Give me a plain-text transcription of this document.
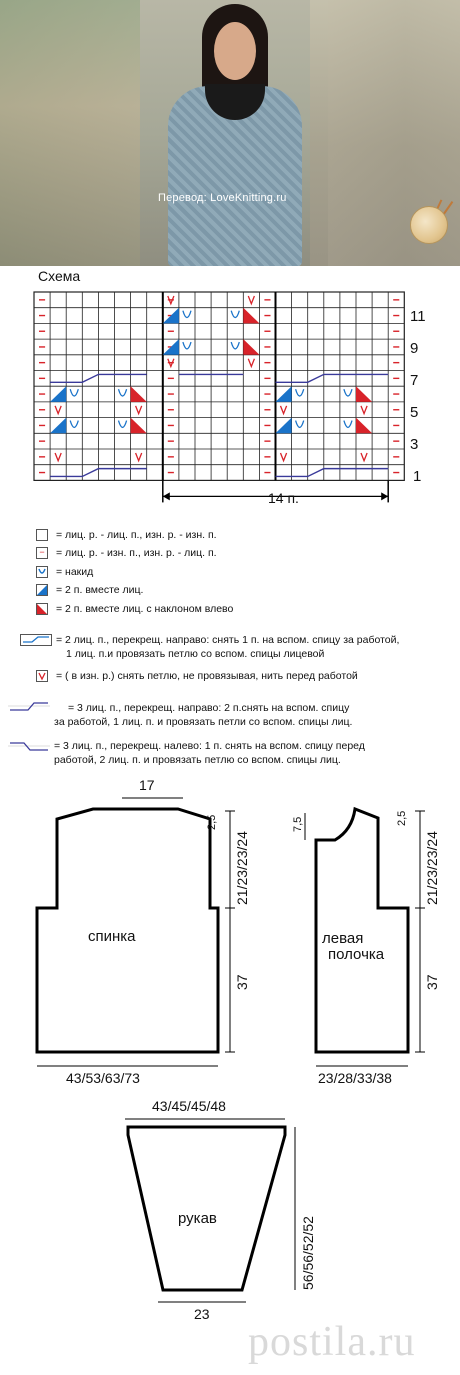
Перевод: LoveKnitting.ru
Схема
11
9
7
5
3
1
14 п.
= лиц. р. - лиц. п., изн. р. - изн. п.
−	= лиц. р. - изн. п., изн. р. - лиц. п.
= накид
= 2 п. вместе лиц.
= 2 п. вместе лиц. с наклоном влево
= 2 лиц. п., перекрещ. направо: снять 1 п. на вспом. спицу за работой,
1 лиц. п.и провязать петлю со вспом. спицы лицевой
= ( в изн. р.) снять петлю, не провязывая, нить перед работой
= 3 лиц. п., перекрещ. направо: 2 п.снять на вспом. спицу
за работой, 1 лиц. п. и провязать петли со вспом. спицы лиц.
= 3 лиц. п., перекрещ. налево: 1 п. снять на вспом. спицу перед
работой, 2 лиц. п. и провязать петлю со вспом. спицы лиц.
спинка
17
43/53/63/73
2,5
21/23/23/24
37
левая
полочка
7,5	2,5
21/23/23/24
37
23/28/33/38
рукав
43/45/45/48
56/56/52/52
23
postila.ru
